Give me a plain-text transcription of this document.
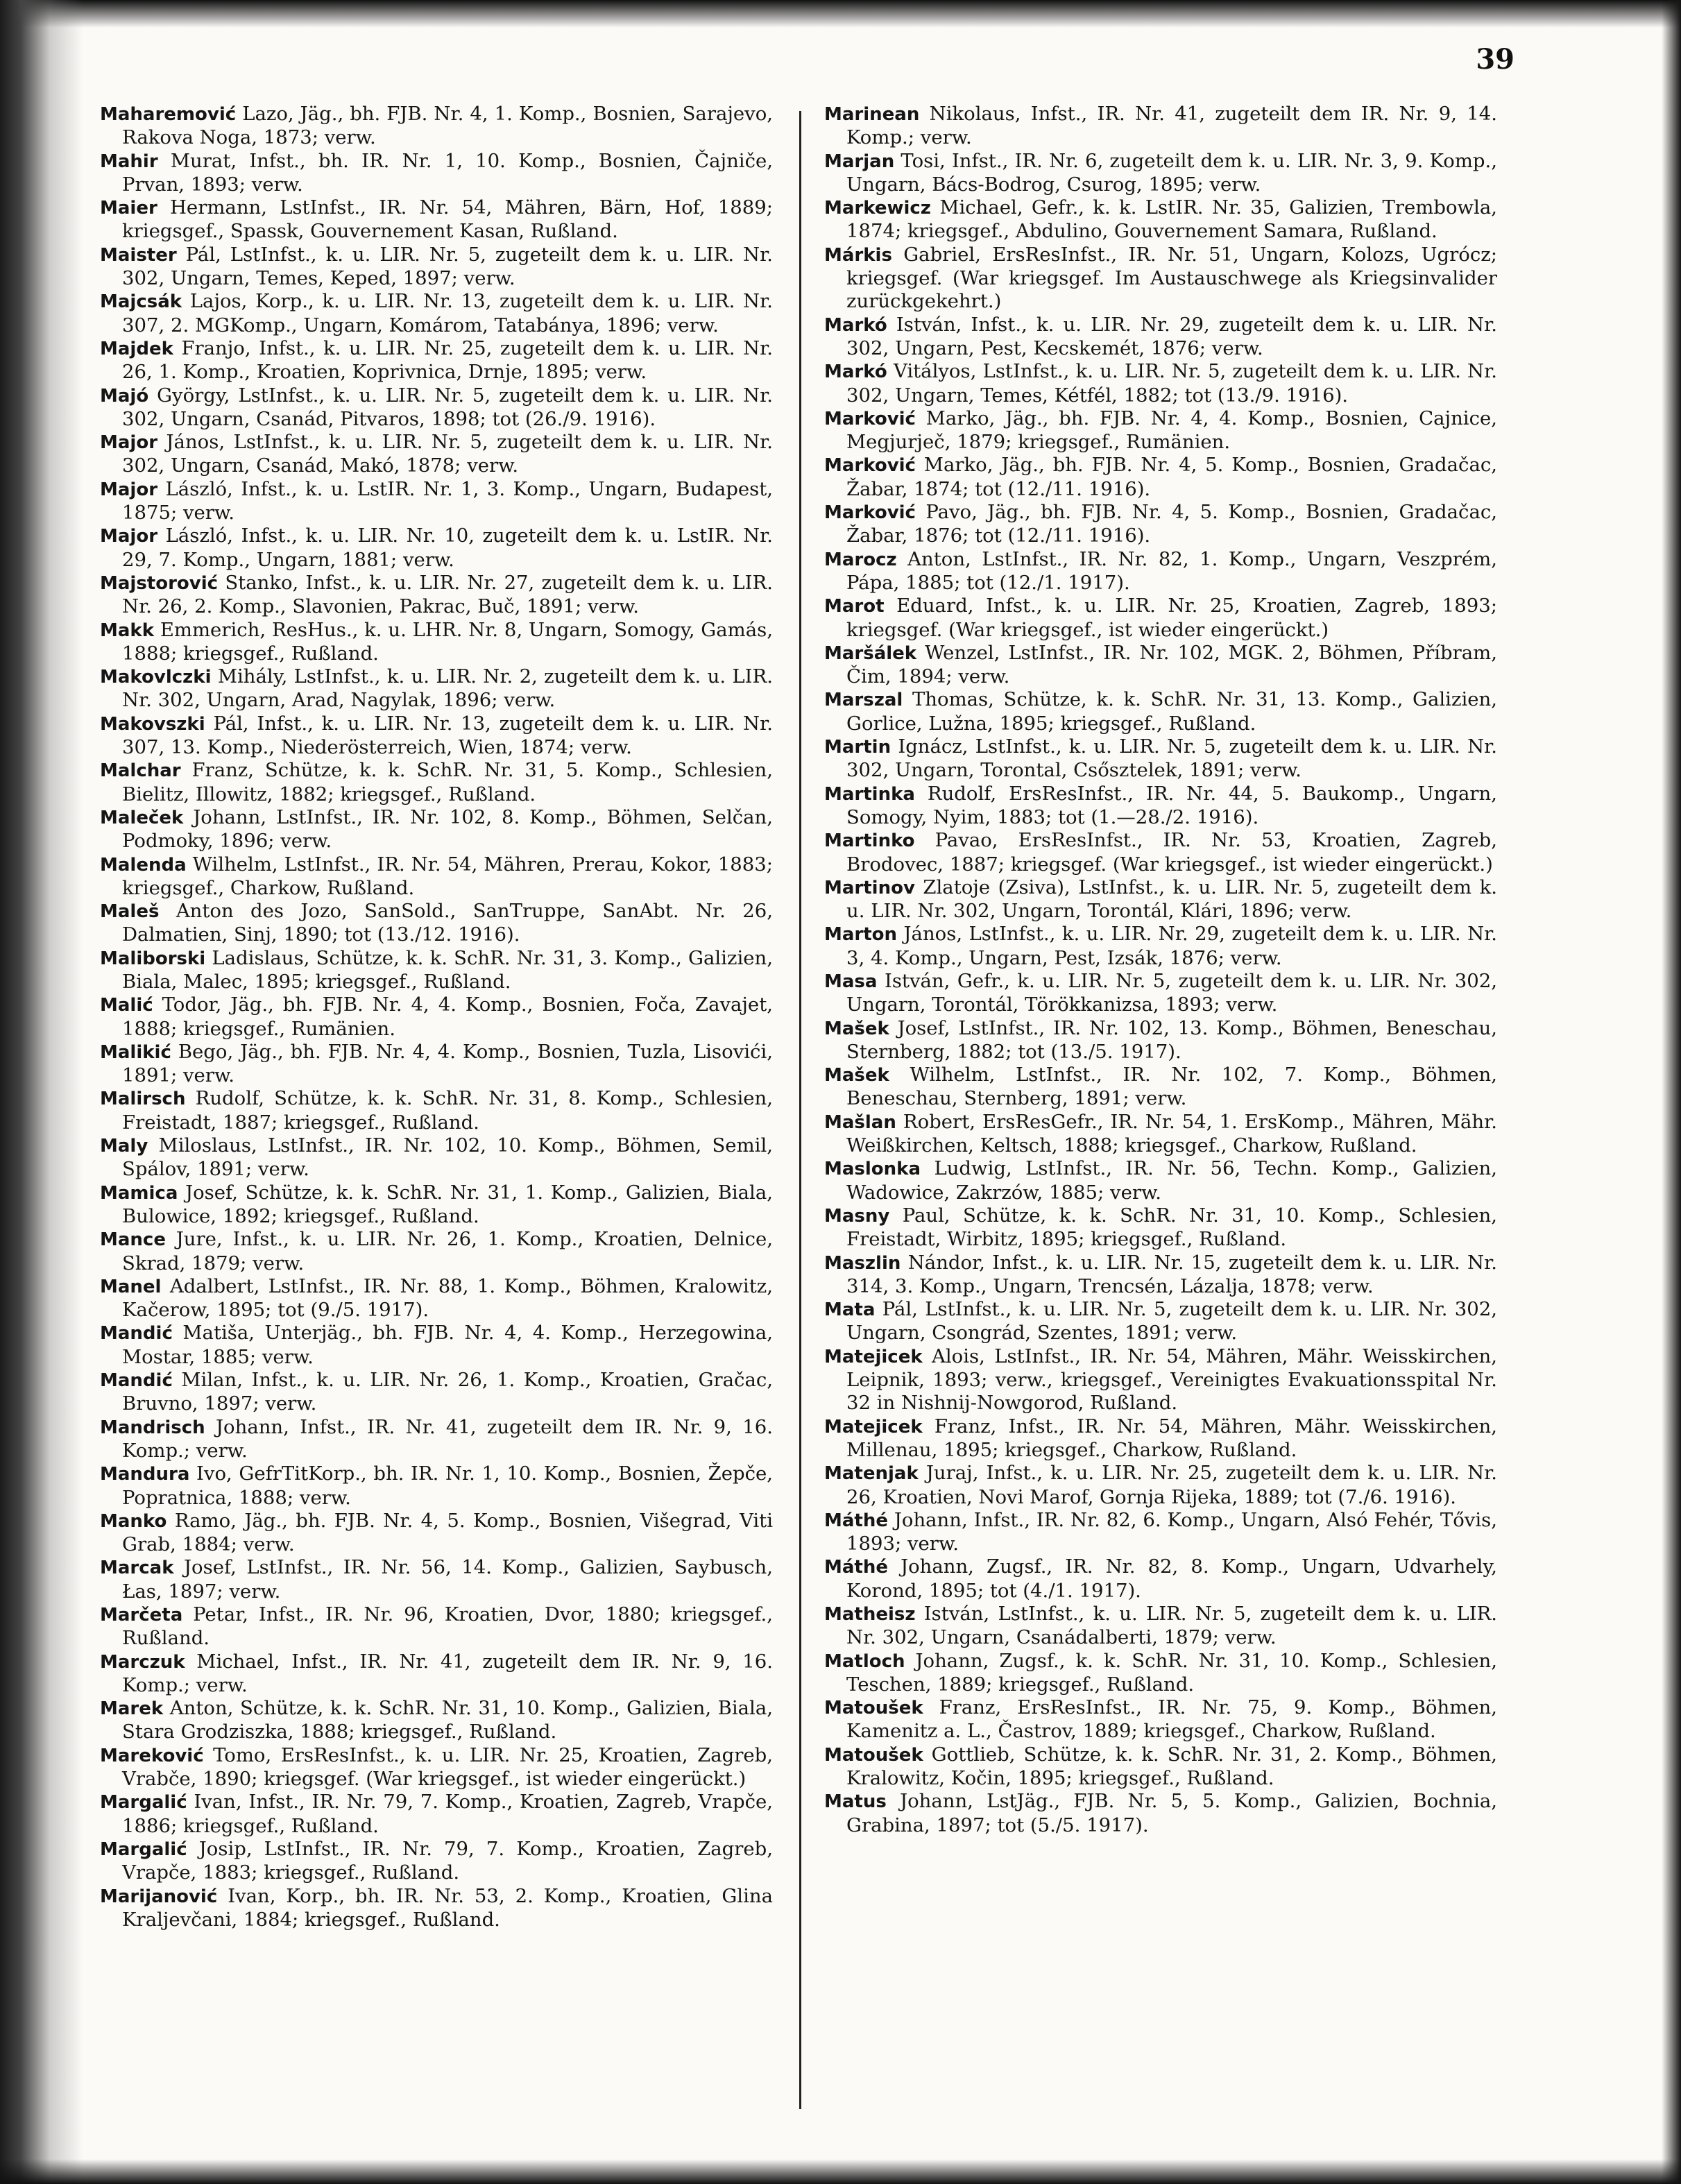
39

Maharemović Lazo, Jäg., bh. FJB. Nr. 4, 1. Komp., Bosnien, Sarajevo, Rakova Noga, 1873; verw.

Mahir Murat, Infst., bh. IR. Nr. 1, 10. Komp., Bosnien, Čajniče, Prvan, 1893; verw.

Maier Hermann, LstInfst., IR. Nr. 54, Mähren, Bärn, Hof, 1889; kriegsgef., Spassk, Gouvernement Kasan, Rußland.

Maister Pál, LstInfst., k. u. LIR. Nr. 5, zugeteilt dem k. u. LIR. Nr. 302, Ungarn, Temes, Keped, 1897; verw.

Majcsák Lajos, Korp., k. u. LIR. Nr. 13, zugeteilt dem k. u. LIR. Nr. 307, 2. MGKomp., Ungarn, Komárom, Tatabánya, 1896; verw.

Majdek Franjo, Infst., k. u. LIR. Nr. 25, zugeteilt dem k. u. LIR. Nr. 26, 1. Komp., Kroatien, Koprivnica, Drnje, 1895; verw.

Majó György, LstInfst., k. u. LIR. Nr. 5, zugeteilt dem k. u. LIR. Nr. 302, Ungarn, Csanád, Pitvaros, 1898; tot (26./9. 1916).

Major János, LstInfst., k. u. LIR. Nr. 5, zugeteilt dem k. u. LIR. Nr. 302, Ungarn, Csanád, Makó, 1878; verw.

Major László, Infst., k. u. LstIR. Nr. 1, 3. Komp., Ungarn, Budapest, 1875; verw.

Major László, Infst., k. u. LIR. Nr. 10, zugeteilt dem k. u. LstIR. Nr. 29, 7. Komp., Ungarn, 1881; verw.

Majstorović Stanko, Infst., k. u. LIR. Nr. 27, zugeteilt dem k. u. LIR. Nr. 26, 2. Komp., Slavonien, Pakrac, Buč, 1891; verw.

Makk Emmerich, ResHus., k. u. LHR. Nr. 8, Ungarn, Somogy, Gamás, 1888; kriegsgef., Rußland.

Makovlczki Mihály, LstInfst., k. u. LIR. Nr. 2, zugeteilt dem k. u. LIR. Nr. 302, Ungarn, Arad, Nagylak, 1896; verw.

Makovszki Pál, Infst., k. u. LIR. Nr. 13, zugeteilt dem k. u. LIR. Nr. 307, 13. Komp., Niederösterreich, Wien, 1874; verw.

Malchar Franz, Schütze, k. k. SchR. Nr. 31, 5. Komp., Schlesien, Bielitz, Illowitz, 1882; kriegsgef., Rußland.

Maleček Johann, LstInfst., IR. Nr. 102, 8. Komp., Böhmen, Selčan, Podmoky, 1896; verw.

Malenda Wilhelm, LstInfst., IR. Nr. 54, Mähren, Prerau, Kokor, 1883; kriegsgef., Charkow, Rußland.

Maleš Anton des Jozo, SanSold., SanTruppe, SanAbt. Nr. 26, Dalmatien, Sinj, 1890; tot (13./12. 1916).

Maliborski Ladislaus, Schütze, k. k. SchR. Nr. 31, 3. Komp., Galizien, Biala, Malec, 1895; kriegsgef., Rußland.

Malić Todor, Jäg., bh. FJB. Nr. 4, 4. Komp., Bosnien, Foča, Zavajet, 1888; kriegsgef., Rumänien.

Malikić Bego, Jäg., bh. FJB. Nr. 4, 4. Komp., Bosnien, Tuzla, Lisovići, 1891; verw.

Malirsch Rudolf, Schütze, k. k. SchR. Nr. 31, 8. Komp., Schlesien, Freistadt, 1887; kriegsgef., Rußland.

Maly Miloslaus, LstInfst., IR. Nr. 102, 10. Komp., Böhmen, Semil, Spálov, 1891; verw.

Mamica Josef, Schütze, k. k. SchR. Nr. 31, 1. Komp., Galizien, Biala, Bulowice, 1892; kriegsgef., Rußland.

Mance Jure, Infst., k. u. LIR. Nr. 26, 1. Komp., Kroatien, Delnice, Skrad, 1879; verw.

Manel Adalbert, LstInfst., IR. Nr. 88, 1. Komp., Böhmen, Kralowitz, Kačerow, 1895; tot (9./5. 1917).

Mandić Matiša, Unterjäg., bh. FJB. Nr. 4, 4. Komp., Herzegowina, Mostar, 1885; verw.

Mandić Milan, Infst., k. u. LIR. Nr. 26, 1. Komp., Kroatien, Gračac, Bruvno, 1897; verw.

Mandrisch Johann, Infst., IR. Nr. 41, zugeteilt dem IR. Nr. 9, 16. Komp.; verw.

Mandura Ivo, GefrTitKorp., bh. IR. Nr. 1, 10. Komp., Bosnien, Žepče, Popratnica, 1888; verw.

Manko Ramo, Jäg., bh. FJB. Nr. 4, 5. Komp., Bosnien, Višegrad, Viti Grab, 1884; verw.

Marcak Josef, LstInfst., IR. Nr. 56, 14. Komp., Galizien, Saybusch, Łas, 1897; verw.

Marčeta Petar, Infst., IR. Nr. 96, Kroatien, Dvor, 1880; kriegsgef., Rußland.

Marczuk Michael, Infst., IR. Nr. 41, zugeteilt dem IR. Nr. 9, 16. Komp.; verw.

Marek Anton, Schütze, k. k. SchR. Nr. 31, 10. Komp., Galizien, Biala, Stara Grodziszka, 1888; kriegsgef., Rußland.

Mareković Tomo, ErsResInfst., k. u. LIR. Nr. 25, Kroatien, Zagreb, Vrabče, 1890; kriegsgef. (War kriegsgef., ist wieder eingerückt.)

Margalić Ivan, Infst., IR. Nr. 79, 7. Komp., Kroatien, Zagreb, Vrapče, 1886; kriegsgef., Rußland.

Margalić Josip, LstInfst., IR. Nr. 79, 7. Komp., Kroatien, Zagreb, Vrapče, 1883; kriegsgef., Rußland.

Marijanović Ivan, Korp., bh. IR. Nr. 53, 2. Komp., Kroatien, Glina Kraljevčani, 1884; kriegsgef., Rußland.

Marinean Nikolaus, Infst., IR. Nr. 41, zugeteilt dem IR. Nr. 9, 14. Komp.; verw.

Marjan Tosi, Infst., IR. Nr. 6, zugeteilt dem k. u. LIR. Nr. 3, 9. Komp., Ungarn, Bács-Bodrog, Csurog, 1895; verw.

Markewicz Michael, Gefr., k. k. LstIR. Nr. 35, Galizien, Trembowla, 1874; kriegsgef., Abdulino, Gouvernement Samara, Rußland.

Márkis Gabriel, ErsResInfst., IR. Nr. 51, Ungarn, Kolozs, Ugrócz; kriegsgef. (War kriegsgef. Im Austauschwege als Kriegsinvalider zurückgekehrt.)

Markó István, Infst., k. u. LIR. Nr. 29, zugeteilt dem k. u. LIR. Nr. 302, Ungarn, Pest, Kecskemét, 1876; verw.

Markó Vitályos, LstInfst., k. u. LIR. Nr. 5, zugeteilt dem k. u. LIR. Nr. 302, Ungarn, Temes, Kétfél, 1882; tot (13./9. 1916).

Marković Marko, Jäg., bh. FJB. Nr. 4, 4. Komp., Bosnien, Cajnice, Megjurječ, 1879; kriegsgef., Rumänien.

Marković Marko, Jäg., bh. FJB. Nr. 4, 5. Komp., Bosnien, Gradačac, Žabar, 1874; tot (12./11. 1916).

Marković Pavo, Jäg., bh. FJB. Nr. 4, 5. Komp., Bosnien, Gradačac, Žabar, 1876; tot (12./11. 1916).

Marocz Anton, LstInfst., IR. Nr. 82, 1. Komp., Ungarn, Veszprém, Pápa, 1885; tot (12./1. 1917).

Marot Eduard, Infst., k. u. LIR. Nr. 25, Kroatien, Zagreb, 1893; kriegsgef. (War kriegsgef., ist wieder eingerückt.)

Maršálek Wenzel, LstInfst., IR. Nr. 102, MGK. 2, Böhmen, Příbram, Čim, 1894; verw.

Marszal Thomas, Schütze, k. k. SchR. Nr. 31, 13. Komp., Galizien, Gorlice, Lužna, 1895; kriegsgef., Rußland.

Martin Ignácz, LstInfst., k. u. LIR. Nr. 5, zugeteilt dem k. u. LIR. Nr. 302, Ungarn, Torontal, Csősztelek, 1891; verw.

Martinka Rudolf, ErsResInfst., IR. Nr. 44, 5. Baukomp., Ungarn, Somogy, Nyim, 1883; tot (1.—28./2. 1916).

Martinko Pavao, ErsResInfst., IR. Nr. 53, Kroatien, Zagreb, Brodovec, 1887; kriegsgef. (War kriegsgef., ist wieder eingerückt.)

Martinov Zlatoje (Zsiva), LstInfst., k. u. LIR. Nr. 5, zugeteilt dem k. u. LIR. Nr. 302, Ungarn, Torontál, Klári, 1896; verw.

Marton János, LstInfst., k. u. LIR. Nr. 29, zugeteilt dem k. u. LIR. Nr. 3, 4. Komp., Ungarn, Pest, Izsák, 1876; verw.

Masa István, Gefr., k. u. LIR. Nr. 5, zugeteilt dem k. u. LIR. Nr. 302, Ungarn, Torontál, Törökkanizsa, 1893; verw.

Mašek Josef, LstInfst., IR. Nr. 102, 13. Komp., Böhmen, Beneschau, Sternberg, 1882; tot (13./5. 1917).

Mašek Wilhelm, LstInfst., IR. Nr. 102, 7. Komp., Böhmen, Beneschau, Sternberg, 1891; verw.

Mašlan Robert, ErsResGefr., IR. Nr. 54, 1. ErsKomp., Mähren, Mähr. Weißkirchen, Keltsch, 1888; kriegsgef., Charkow, Rußland.

Maslonka Ludwig, LstInfst., IR. Nr. 56, Techn. Komp., Galizien, Wadowice, Zakrzów, 1885; verw.

Masny Paul, Schütze, k. k. SchR. Nr. 31, 10. Komp., Schlesien, Freistadt, Wirbitz, 1895; kriegsgef., Rußland.

Maszlin Nándor, Infst., k. u. LIR. Nr. 15, zugeteilt dem k. u. LIR. Nr. 314, 3. Komp., Ungarn, Trencsén, Lázalja, 1878; verw.

Mata Pál, LstInfst., k. u. LIR. Nr. 5, zugeteilt dem k. u. LIR. Nr. 302, Ungarn, Csongrád, Szentes, 1891; verw.

Matejicek Alois, LstInfst., IR. Nr. 54, Mähren, Mähr. Weisskirchen, Leipnik, 1893; verw., kriegsgef., Vereinigtes Evakuationsspital Nr. 32 in Nishnij-Nowgorod, Rußland.

Matejicek Franz, Infst., IR. Nr. 54, Mähren, Mähr. Weisskirchen, Millenau, 1895; kriegsgef., Charkow, Rußland.

Matenjak Juraj, Infst., k. u. LIR. Nr. 25, zugeteilt dem k. u. LIR. Nr. 26, Kroatien, Novi Marof, Gornja Rijeka, 1889; tot (7./6. 1916).

Máthé Johann, Infst., IR. Nr. 82, 6. Komp., Ungarn, Alsó Fehér, Tővis, 1893; verw.

Máthé Johann, Zugsf., IR. Nr. 82, 8. Komp., Ungarn, Udvarhely, Korond, 1895; tot (4./1. 1917).

Matheisz István, LstInfst., k. u. LIR. Nr. 5, zugeteilt dem k. u. LIR. Nr. 302, Ungarn, Csanádalberti, 1879; verw.

Matloch Johann, Zugsf., k. k. SchR. Nr. 31, 10. Komp., Schlesien, Teschen, 1889; kriegsgef., Rußland.

Matoušek Franz, ErsResInfst., IR. Nr. 75, 9. Komp., Böhmen, Kamenitz a. L., Častrov, 1889; kriegsgef., Charkow, Rußland.

Matoušek Gottlieb, Schütze, k. k. SchR. Nr. 31, 2. Komp., Böhmen, Kralowitz, Kočin, 1895; kriegsgef., Rußland.

Matus Johann, LstJäg., FJB. Nr. 5, 5. Komp., Galizien, Bochnia, Grabina, 1897; tot (5./5. 1917).
